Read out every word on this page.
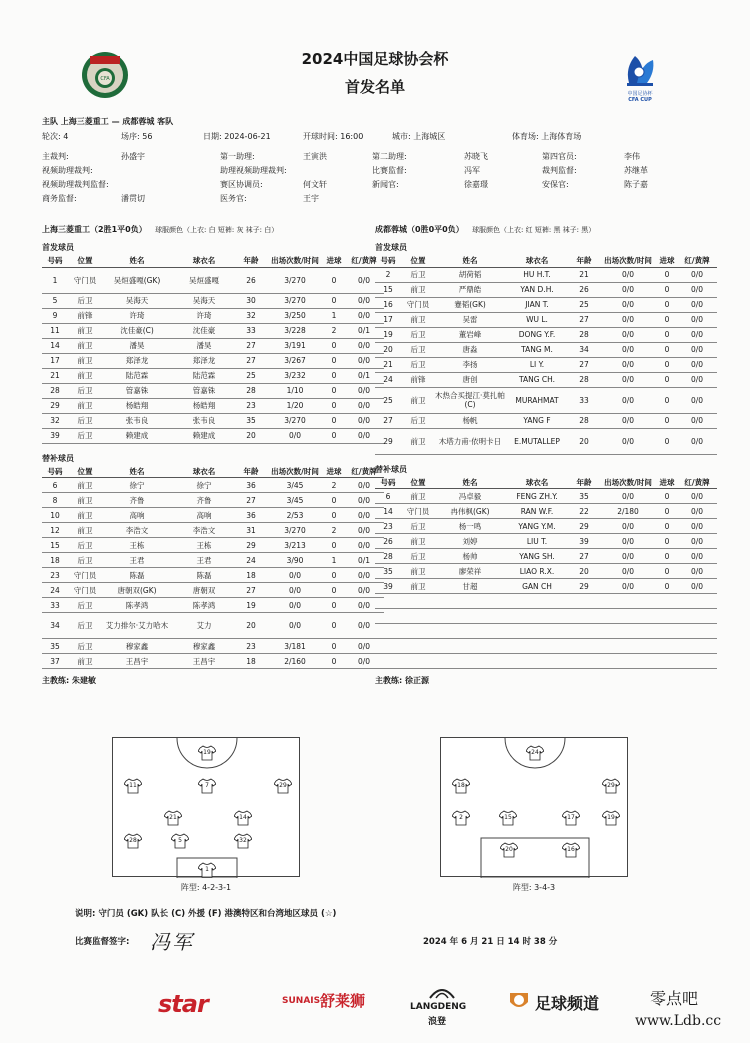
CFA
中国足协杯
CFA CUP
2024中国足球协会杯
首发名单
主队 上海三菱重工 — 成都蓉城 客队
轮次: 4	场序: 56	日期: 2024-06-21	开球时间: 16:00	城市: 上海城区	体育场: 上海体育场
主裁判:	孙盛宇	第一助理:	王寅洪	第二助理:	苏晓飞	第四官员:	李伟
视频助理裁判:	助理视频助理裁判:	比赛监督:	冯军	裁判监督:	苏继革
视频助理裁判监督:	赛区协调员:	何文轩	新闻官:	徐嘉璟	安保官:	陈子嘉
商务监督:	潘贯切	医务官:	王宇
上海三菱重工（2胜1平0负） 球服颜色（上衣: 白 短裤: 灰 袜子: 白）
首发球员
号码	位置	姓名	球衣名	年龄	出场次数/时间	进球	红/黄牌
1	守门员	吴烜盛嘎(GK)	吴烜盛嘎	26	3/270	0	0/0
5	后卫	吴海天	吴海天	30	3/270	0	0/0
9	前锋	许琦	许琦	32	3/250	1	0/0
11	前卫	沈佳豪(C)	沈佳豪	33	3/228	2	0/1
14	前卫	潘昊	潘昊	27	3/191	0	0/0
17	前卫	郑泽龙	郑泽龙	27	3/267	0	0/0
21	前卫	陆范霖	陆范霖	25	3/232	0	0/1
28	后卫	管嘉铢	管嘉铢	28	1/10	0	0/0
29	前卫	杨皓翔	杨皓翔	23	1/20	0	0/0
32	后卫	张韦良	张韦良	35	3/270	0	0/0
39	后卫	赖建成	赖建成	20	0/0	0	0/0
替补球员
号码	位置	姓名	球衣名	年龄	出场次数/时间	进球	红/黄牌
6	前卫	徐宁	徐宁	36	3/45	2	0/0
8	前卫	齐鲁	齐鲁	27	3/45	0	0/0
10	前卫	高响	高响	36	2/53	0	0/0
12	前卫	李浩文	李浩文	31	3/270	2	0/0
15	后卫	王栋	王栋	29	3/213	0	0/0
18	后卫	王君	王君	24	3/90	1	0/1
23	守门员	陈磊	陈磊	18	0/0	0	0/0
24	守门员	唐朝双(GK)	唐朝双	27	0/0	0	0/0
33	后卫	陈孝鸿	陈孝鸿	19	0/0	0	0/0
34	后卫	艾力排尔·艾力哈木	艾力	20	0/0	0	0/0
35	后卫	穆家鑫	穆家鑫	23	3/181	0	0/0
37	前卫	王昌宇	王昌宇	18	2/160	0	0/0
主教练: 朱建敏
成都蓉城（0胜0平0负） 球服颜色（上衣: 红 短裤: 黑 袜子: 黑）
首发球员
号码	位置	姓名	球衣名	年龄	出场次数/时间	进球	红/黄牌
2	后卫	胡荷韬	HU H.T.	21	0/0	0	0/0
15	前卫	严鼎皓	YAN D.H.	26	0/0	0	0/0
16	守门员	蹇韬(GK)	JIAN T.	25	0/0	0	0/0
17	前卫	吴雷	WU L.	27	0/0	0	0/0
19	后卫	董岩峰	DONG Y.F.	28	0/0	0	0/0
20	后卫	唐淼	TANG M.	34	0/0	0	0/0
21	后卫	李扬	LI Y.	27	0/0	0	0/0
24	前锋	唐创	TANG CH.	28	0/0	0	0/0
25	前卫	木热合买提江·莫扎帕(C)	MURAHMAT	33	0/0	0	0/0
27	后卫	杨帆	YANG F	28	0/0	0	0/0
29	前卫	木塔力甫·依明卡日	E.MUTALLEP	20	0/0	0	0/0
替补球员
号码	位置	姓名	球衣名	年龄	出场次数/时间	进球	红/黄牌
6	前卫	冯卓毅	FENG ZH.Y.	35	0/0	0	0/0
14	守门员	冉伟枫(GK)	RAN W.F.	22	2/180	0	0/0
23	后卫	杨一鸣	YANG Y.M.	29	0/0	0	0/0
26	前卫	刘婷	LIU T.	39	0/0	0	0/0
28	后卫	杨帅	YANG SH.	27	0/0	0	0/0
35	前卫	廖荣祥	LIAO R.X.	20	0/0	0	0/0
39	前卫	甘超	GAN CH	29	0/0	0	0/0

主教练: 徐正源
19
11	7	29
21	14
28	5	32
1
阵型: 4-2-3-1
24
18	29
2	15	17	19
20	16
阵型: 3-4-3
说明: 守门员 (GK) 队长 (C) 外援 (F) 港澳特区和台湾地区球员 (☆)
比赛监督签字: 冯军	2024 年 6 月 21 日 14 时 38 分
star	SUNAIS 舒莱狮	LANGDENG
浪登
足球频道	零点吧
www.Ldb.cc
